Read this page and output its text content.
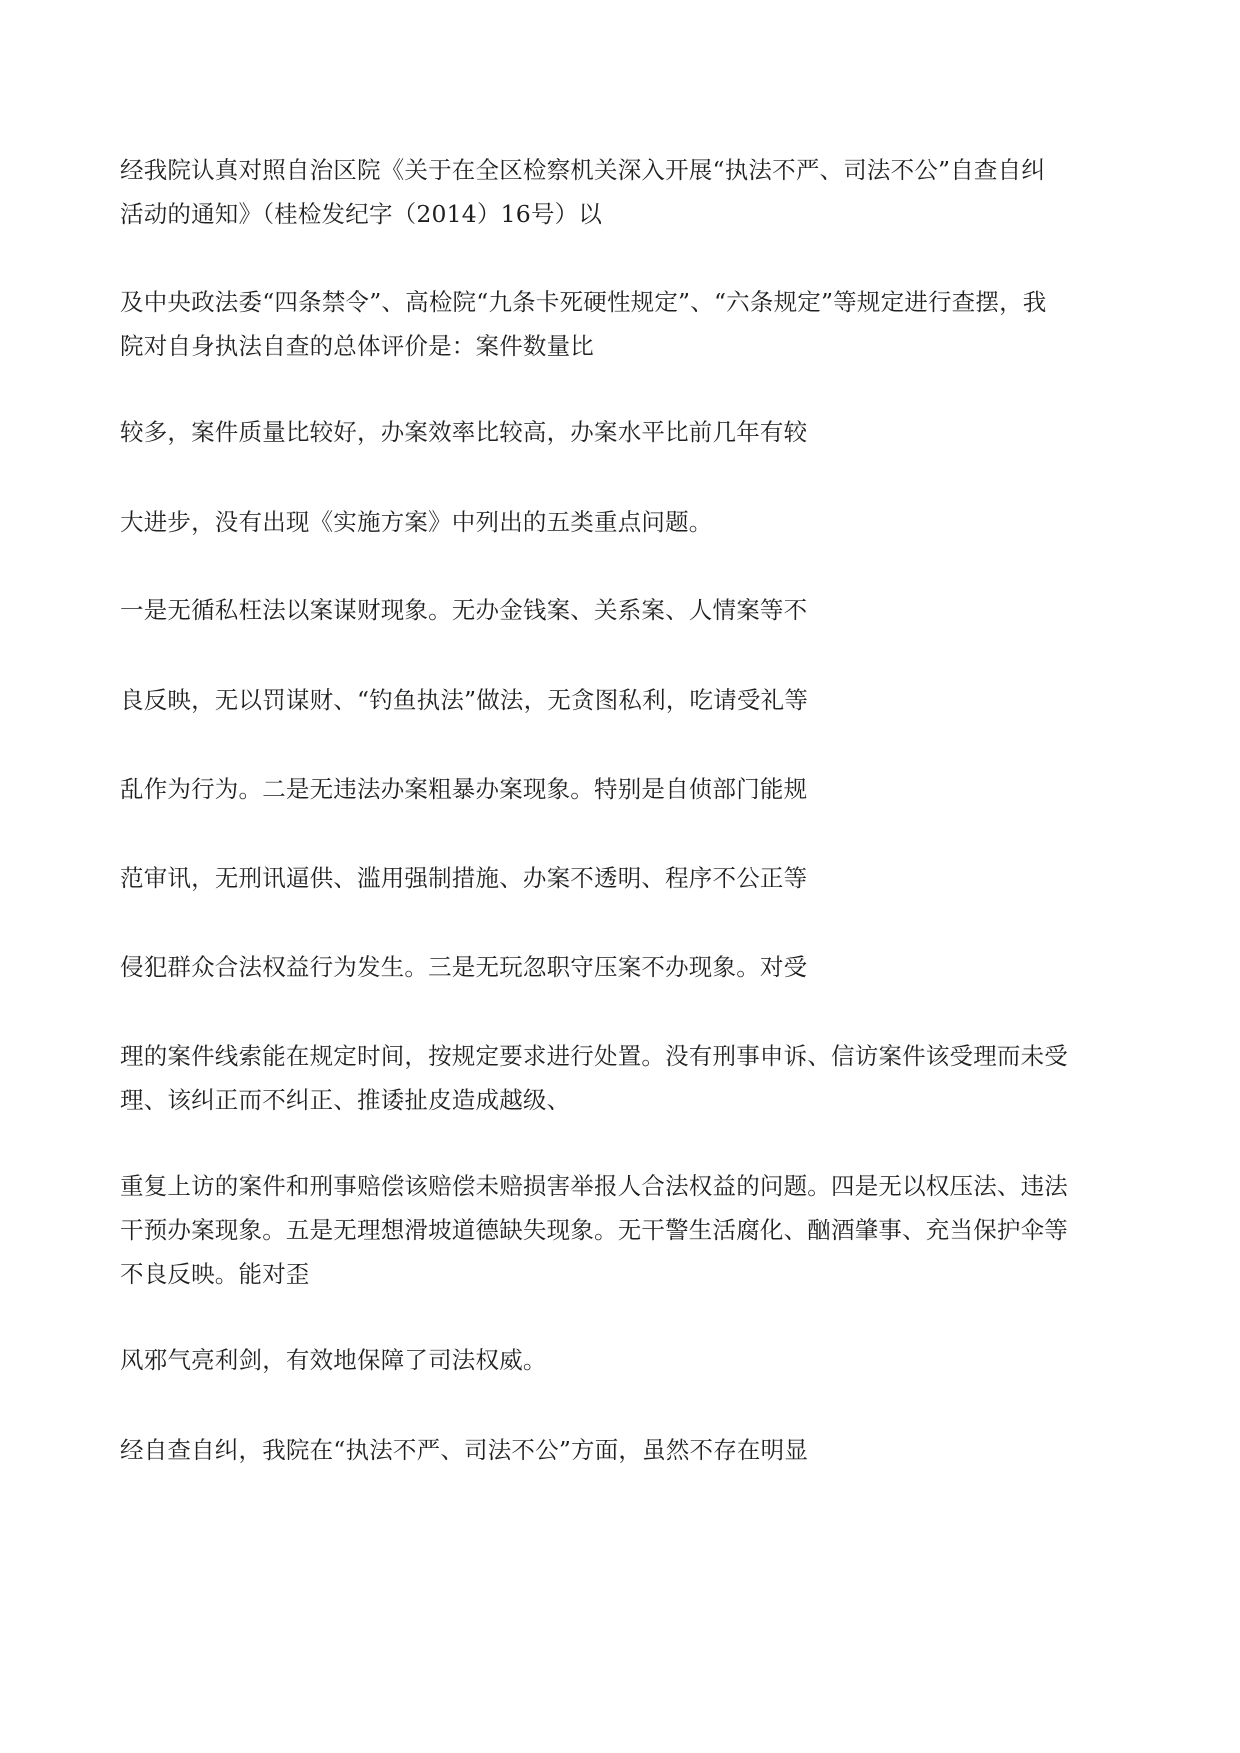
经我院认真对照自治区院《关于在全区检察机关深入开展“执法不严、司法不公”自查自纠
活动的通知》（桂检发纪字（2014）16号）以

及中央政法委“四条禁令”、高检院“九条卡死硬性规定”、“六条规定”等规定进行查摆，我
院对自身执法自查的总体评价是：案件数量比

较多，案件质量比较好，办案效率比较高，办案水平比前几年有较

大进步，没有出现《实施方案》中列出的五类重点问题。

一是无循私枉法以案谋财现象。无办金钱案、关系案、人情案等不

良反映，无以罚谋财、“钓鱼执法”做法，无贪图私利，吃请受礼等

乱作为行为。二是无违法办案粗暴办案现象。特别是自侦部门能规

范审讯，无刑讯逼供、滥用强制措施、办案不透明、程序不公正等

侵犯群众合法权益行为发生。三是无玩忽职守压案不办现象。对受

理的案件线索能在规定时间，按规定要求进行处置。没有刑事申诉、信访案件该受理而未受
理、该纠正而不纠正、推诿扯皮造成越级、

重复上访的案件和刑事赔偿该赔偿未赔损害举报人合法权益的问题。四是无以权压法、违法
干预办案现象。五是无理想滑坡道德缺失现象。无干警生活腐化、酗酒肇事、充当保护伞等
不良反映。能对歪

风邪气亮利剑，有效地保障了司法权威。

经自查自纠，我院在“执法不严、司法不公”方面，虽然不存在明显
